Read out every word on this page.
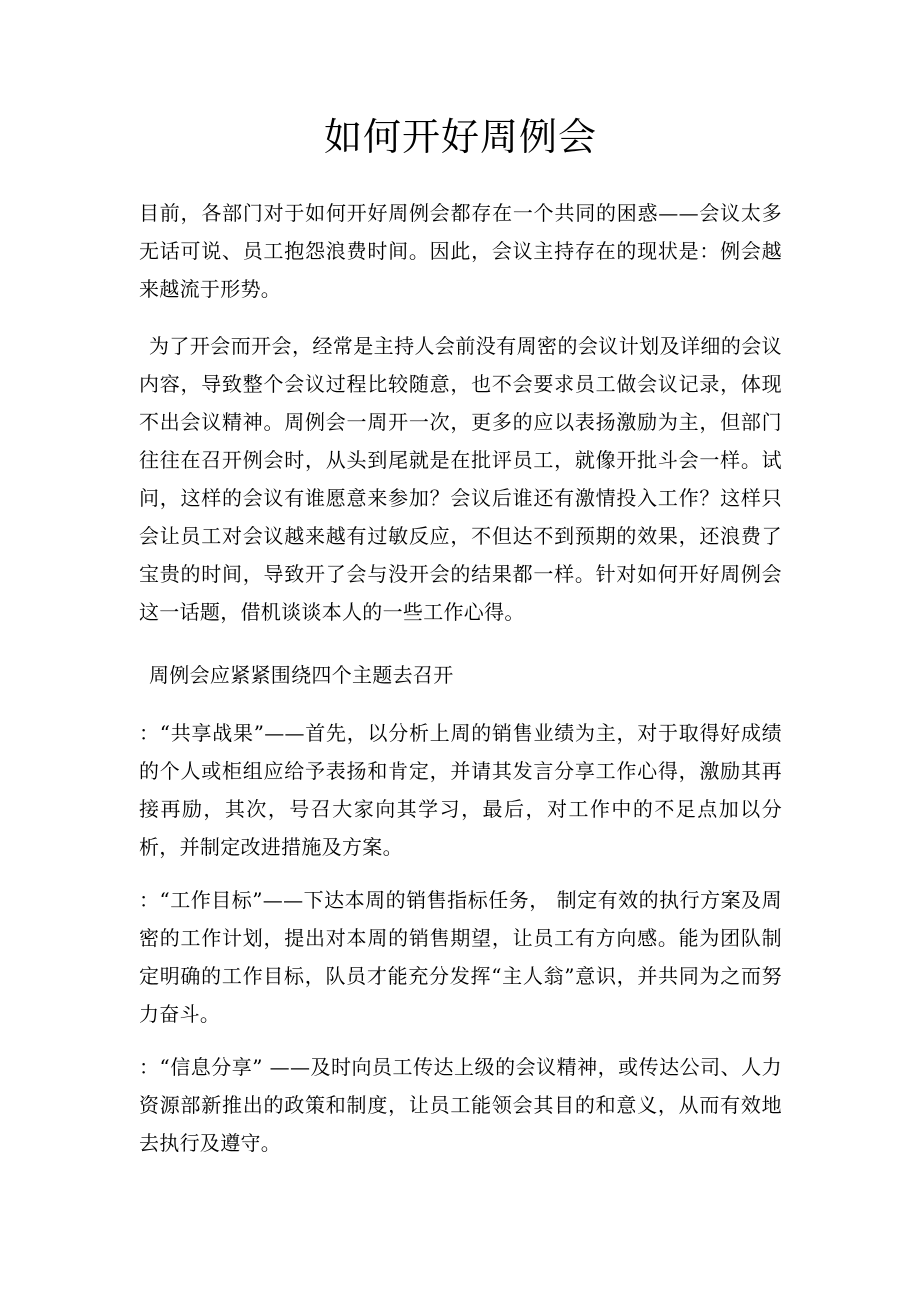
如何开好周例会

目前，各部门对于如何开好周例会都存在一个共同的困惑——会议太多无话可说、员工抱怨浪费时间。因此，会议主持存在的现状是：例会越来越流于形势。

为了开会而开会，经常是主持人会前没有周密的会议计划及详细的会议内容，导致整个会议过程比较随意，也不会要求员工做会议记录，体现不出会议精神。周例会一周开一次，更多的应以表扬激励为主，但部门往往在召开例会时，从头到尾就是在批评员工，就像开批斗会一样。试问，这样的会议有谁愿意来参加？会议后谁还有激情投入工作？这样只会让员工对会议越来越有过敏反应，不但达不到预期的效果，还浪费了宝贵的时间，导致开了会与没开会的结果都一样。针对如何开好周例会这一话题，借机谈谈本人的一些工作心得。

周例会应紧紧围绕四个主题去召开

：“共享战果”——首先，以分析上周的销售业绩为主，对于取得好成绩的个人或柜组应给予表扬和肯定，并请其发言分享工作心得，激励其再接再励，其次，号召大家向其学习，最后，对工作中的不足点加以分析，并制定改进措施及方案。

：“工作目标”——下达本周的销售指标任务， 制定有效的执行方案及周密的工作计划，提出对本周的销售期望，让员工有方向感。能为团队制定明确的工作目标，队员才能充分发挥“主人翁”意识，并共同为之而努力奋斗。

：“信息分享” ——及时向员工传达上级的会议精神，或传达公司、人力资源部新推出的政策和制度，让员工能领会其目的和意义，从而有效地去执行及遵守。
